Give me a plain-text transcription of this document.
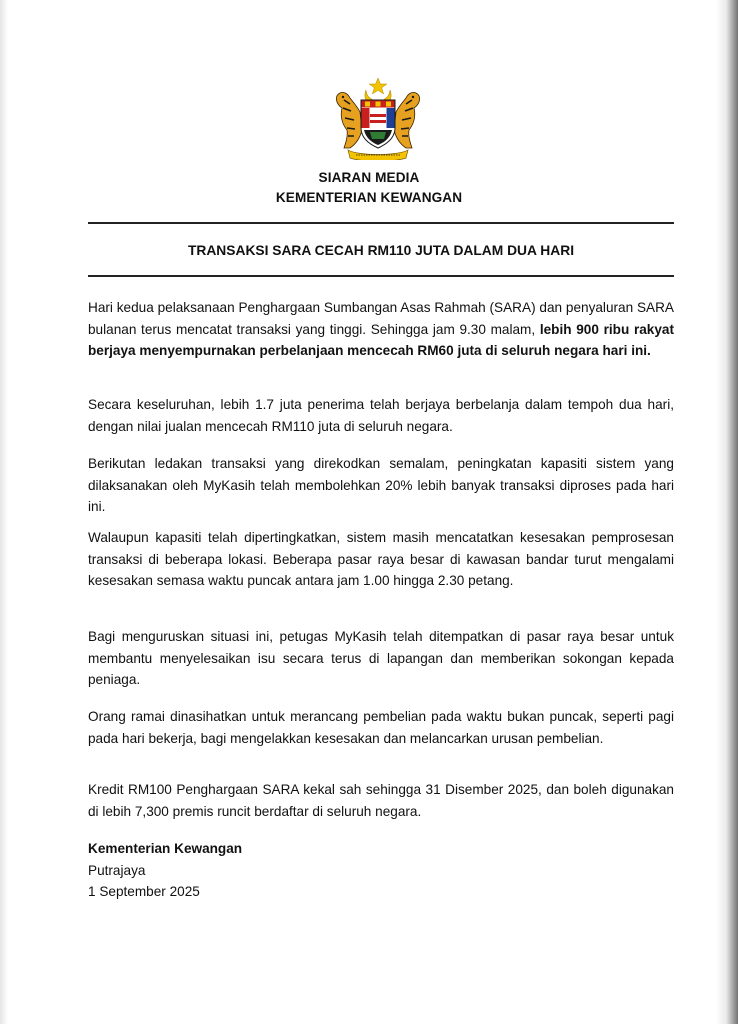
SIARAN MEDIA
KEMENTERIAN KEWANGAN
TRANSAKSI SARA CECAH RM110 JUTA DALAM DUA HARI

Hari kedua pelaksanaan Penghargaan Sumbangan Asas Rahmah (SARA) dan penyaluran SARA bulanan terus mencatat transaksi yang tinggi. Sehingga jam 9.30 malam, lebih 900 ribu rakyat berjaya menyempurnakan perbelanjaan mencecah RM60 juta di seluruh negara hari ini.

Secara keseluruhan, lebih 1.7 juta penerima telah berjaya berbelanja dalam tempoh dua hari, dengan nilai jualan mencecah RM110 juta di seluruh negara.

Berikutan ledakan transaksi yang direkodkan semalam, peningkatan kapasiti sistem yang dilaksanakan oleh MyKasih telah membolehkan 20% lebih banyak transaksi diproses pada hari ini.

Walaupun kapasiti telah dipertingkatkan, sistem masih mencatatkan kesesakan pemprosesan transaksi di beberapa lokasi. Beberapa pasar raya besar di kawasan bandar turut mengalami kesesakan semasa waktu puncak antara jam 1.00 hingga 2.30 petang.

Bagi menguruskan situasi ini, petugas MyKasih telah ditempatkan di pasar raya besar untuk membantu menyelesaikan isu secara terus di lapangan dan memberikan sokongan kepada peniaga.

Orang ramai dinasihatkan untuk merancang pembelian pada waktu bukan puncak, seperti pagi pada hari bekerja, bagi mengelakkan kesesakan dan melancarkan urusan pembelian.

Kredit RM100 Penghargaan SARA kekal sah sehingga 31 Disember 2025, dan boleh digunakan di lebih 7,300 premis runcit berdaftar di seluruh negara.

Kementerian Kewangan
Putrajaya
1 September 2025
